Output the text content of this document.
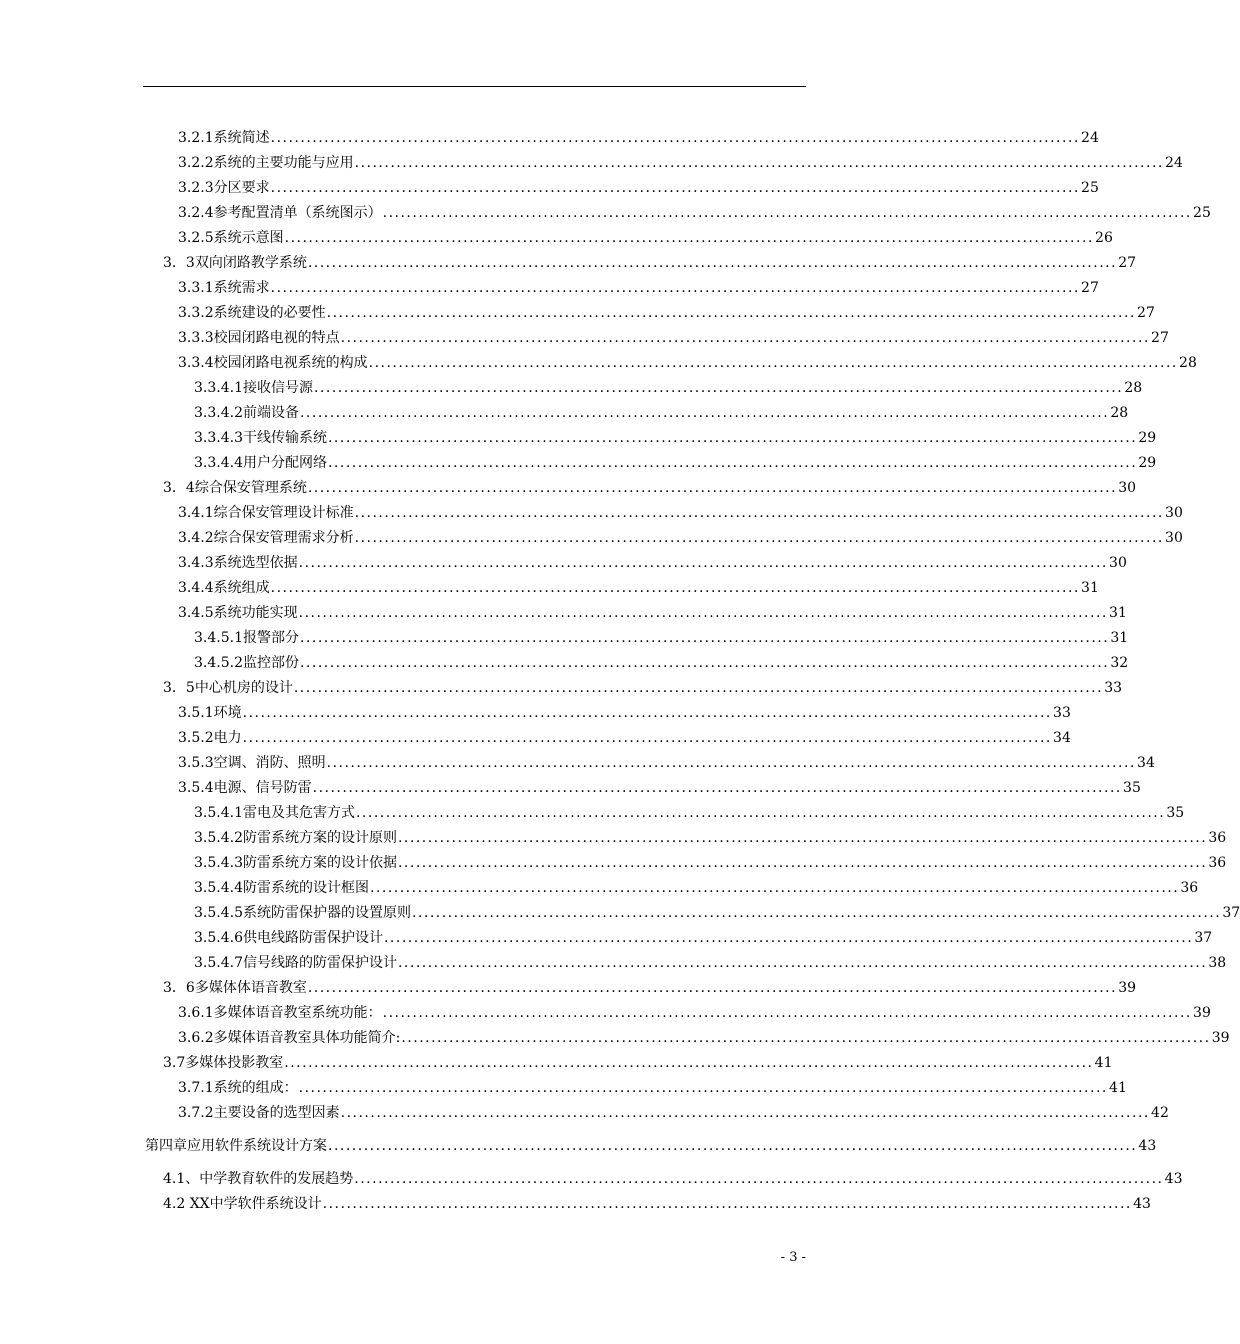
3.2.1 系统简述 ........................................................................................................................................ 24
3.2.2 系统的主要功能与应用 ........................................................................................................................................ 24
3.2.3 分区要求 ........................................................................................................................................ 25
3.2.4 参考配置清单（系统图示） ........................................................................................................................................ 25
3.2.5 系统示意图 ........................................................................................................................................ 26
3．3 双向闭路教学系统 ........................................................................................................................................ 27
3.3.1 系统需求 ........................................................................................................................................ 27
3.3.2 系统建设的必要性 ........................................................................................................................................ 27
3.3.3 校园闭路电视的特点 ........................................................................................................................................ 27
3.3.4 校园闭路电视系统的构成 ........................................................................................................................................ 28
3.3.4.1 接收信号源 ........................................................................................................................................ 28
3.3.4.2 前端设备 ........................................................................................................................................ 28
3.3.4.3 干线传输系统 ........................................................................................................................................ 29
3.3.4.4 用户分配网络 ........................................................................................................................................ 29
3．4 综合保安管理系统 ........................................................................................................................................ 30
3.4.1 综合保安管理设计标准 ........................................................................................................................................ 30
3.4.2 综合保安管理需求分析 ........................................................................................................................................ 30
3.4.3 系统选型依据 ........................................................................................................................................ 30
3.4.4 系统组成 ........................................................................................................................................ 31
3.4.5 系统功能实现 ........................................................................................................................................ 31
3.4.5.1 报警部分 ........................................................................................................................................ 31
3.4.5.2 监控部份 ........................................................................................................................................ 32
3．5 中心机房的设计 ........................................................................................................................................ 33
3.5.1 环境 ........................................................................................................................................ 33
3.5.2 电力 ........................................................................................................................................ 34
3.5.3 空调、消防、照明 ........................................................................................................................................ 34
3.5.4 电源、信号防雷 ........................................................................................................................................ 35
3.5.4.1 雷电及其危害方式 ........................................................................................................................................ 35
3.5.4.2 防雷系统方案的设计原则 ........................................................................................................................................ 36
3.5.4.3 防雷系统方案的设计依据 ........................................................................................................................................ 36
3.5.4.4 防雷系统的设计框图 ........................................................................................................................................ 36
3.5.4.5 系统防雷保护器的设置原则 ........................................................................................................................................ 37
3.5.4.6 供电线路防雷保护设计 ........................................................................................................................................ 37
3.5.4.7 信号线路的防雷保护设计 ........................................................................................................................................ 38
3．6 多媒体体语音教室 ........................................................................................................................................ 39
3.6.1 多媒体语音教室系统功能： ........................................................................................................................................ 39
3.6.2 多媒体语音教室具体功能简介: ........................................................................................................................................ 39
3.7 多媒体投影教室 ........................................................................................................................................ 41
3.7.1 系统的组成： ........................................................................................................................................ 41
3.7.2 主要设备的选型因素 ........................................................................................................................................ 42
第四章 应用软件系统设计方案 ........................................................................................................................................ 43
4.1、 中学教育软件的发展趋势 ........................................................................................................................................ 43
4.2 XX 中学软件系统设计 ........................................................................................................................................ 43
- 3 -
